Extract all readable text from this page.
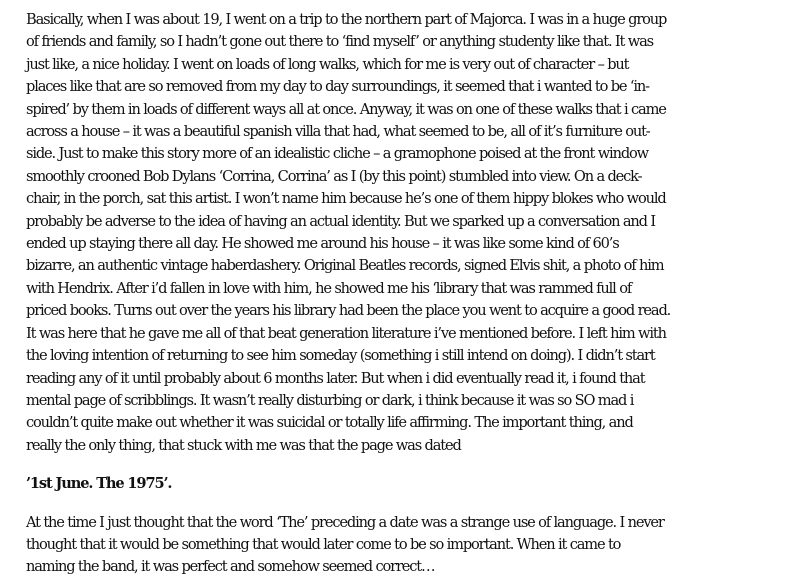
Basically, when I was about 19, I went on a trip to the northern part of Majorca. I was in a huge group
of friends and family, so I hadn’t gone out there to ‘find myself’ or anything studenty like that. It was
just like, a nice holiday. I went on loads of long walks, which for me is very out of character – but
places like that are so removed from my day to day surroundings, it seemed that i wanted to be ‘in-
spired’ by them in loads of different ways all at once. Anyway, it was on one of these walks that i came
across a house – it was a beautiful spanish villa that had, what seemed to be, all of it’s furniture out-
side. Just to make this story more of an idealistic cliche – a gramophone poised at the front window
smoothly crooned Bob Dylans ‘Corrina, Corrina’ as I (by this point) stumbled into view. On a deck-
chair, in the porch, sat this artist. I won’t name him because he’s one of them hippy blokes who would
probably be adverse to the idea of having an actual identity. But we sparked up a conversation and I
ended up staying there all day. He showed me around his house – it was like some kind of 60’s
bizarre, an authentic vintage haberdashery. Original Beatles records, signed Elvis shit, a photo of him
with Hendrix. After i’d fallen in love with him, he showed me his ‘library that was rammed full of
priced books. Turns out over the years his library had been the place you went to acquire a good read.
It was here that he gave me all of that beat generation literature i’ve mentioned before. I left him with
the loving intention of returning to see him someday (something i still intend on doing). I didn’t start
reading any of it until probably about 6 months later. But when i did eventually read it, i found that
mental page of scribblings. It wasn’t really disturbing or dark, i think because it was so SO mad i
couldn’t quite make out whether it was suicidal or totally life affirming. The important thing, and
really the only thing, that stuck with me was that the page was dated
’1st June. The 1975’.
At the time I just thought that the word ‘The’ preceding a date was a strange use of language. I never
thought that it would be something that would later come to be so important. When it came to
naming the band, it was perfect and somehow seemed correct…
